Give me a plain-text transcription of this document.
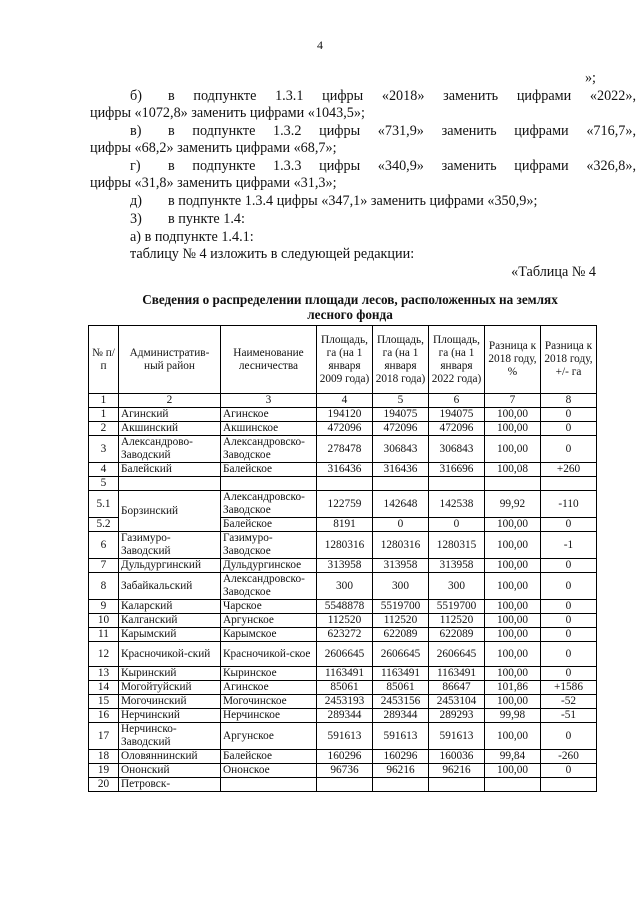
4
»;
б) в подпункте 1.3.1 цифры «2018» заменить цифрами «2022»,
цифры «1072,8» заменить цифрами «1043,5»;
в) в подпункте 1.3.2 цифры «731,9» заменить цифрами «716,7»,
цифры «68,2» заменить цифрами «68,7»;
г) в подпункте 1.3.3 цифры «340,9» заменить цифрами «326,8»,
цифры «31,8» заменить цифрами «31,3»;
д) в подпункте 1.3.4 цифры «347,1» заменить цифрами «350,9»;
3) в пункте 1.4:
а) в подпункте 1.4.1:
таблицу № 4 изложить в следующей редакции:
«Таблица № 4
Сведения о распределении площади лесов, расположенных на землях лесного фонда
№ п/п	Административ-ный район	Наименование лесничества	Площадь, га (на 1 января 2009 года)	Площадь, га (на 1 января 2018 года)	Площадь, га (на 1 января 2022 года)	Разница к 2018 году, %	Разница к 2018 году, +/- га
1	2	3	4	5	6	7	8
1	Агинский	Агинское	194120	194075	194075	100,00	0
2	Акшинский	Акшинское	472096	472096	472096	100,00	0
3	Александрово-Заводский	Александровско-Заводское	278478	306843	306843	100,00	0
4	Балейский	Балейское	316436	316436	316696	100,08	+260
5							
5.1	Борзинский	Александровско-Заводское	122759	142648	142538	99,92	-110
5.2		Балейское	8191	0	0	100,00	0
6	Газимуро-Заводский	Газимуро-Заводское	1280316	1280316	1280315	100,00	-1
7	Дульдургинский	Дульдургинское	313958	313958	313958	100,00	0
8	Забайкальский	Александровско-Заводское	300	300	300	100,00	0
9	Каларский	Чарское	5548878	5519700	5519700	100,00	0
10	Калганский	Аргунское	112520	112520	112520	100,00	0
11	Карымский	Карымское	623272	622089	622089	100,00	0
12	Красночикой-ский	Красночикой-ское	2606645	2606645	2606645	100,00	0
13	Кыринский	Кыринское	1163491	1163491	1163491	100,00	0
14	Могойтуйский	Агинское	85061	85061	86647	101,86	+1586
15	Могочинский	Могочинское	2453193	2453156	2453104	100,00	-52
16	Нерчинский	Нерчинское	289344	289344	289293	99,98	-51
17	Нерчинско-Заводский	Аргунское	591613	591613	591613	100,00	0
18	Оловяннинский	Балейское	160296	160296	160036	99,84	-260
19	Ононский	Ононское	96736	96216	96216	100,00	0
20	Петровск-						
